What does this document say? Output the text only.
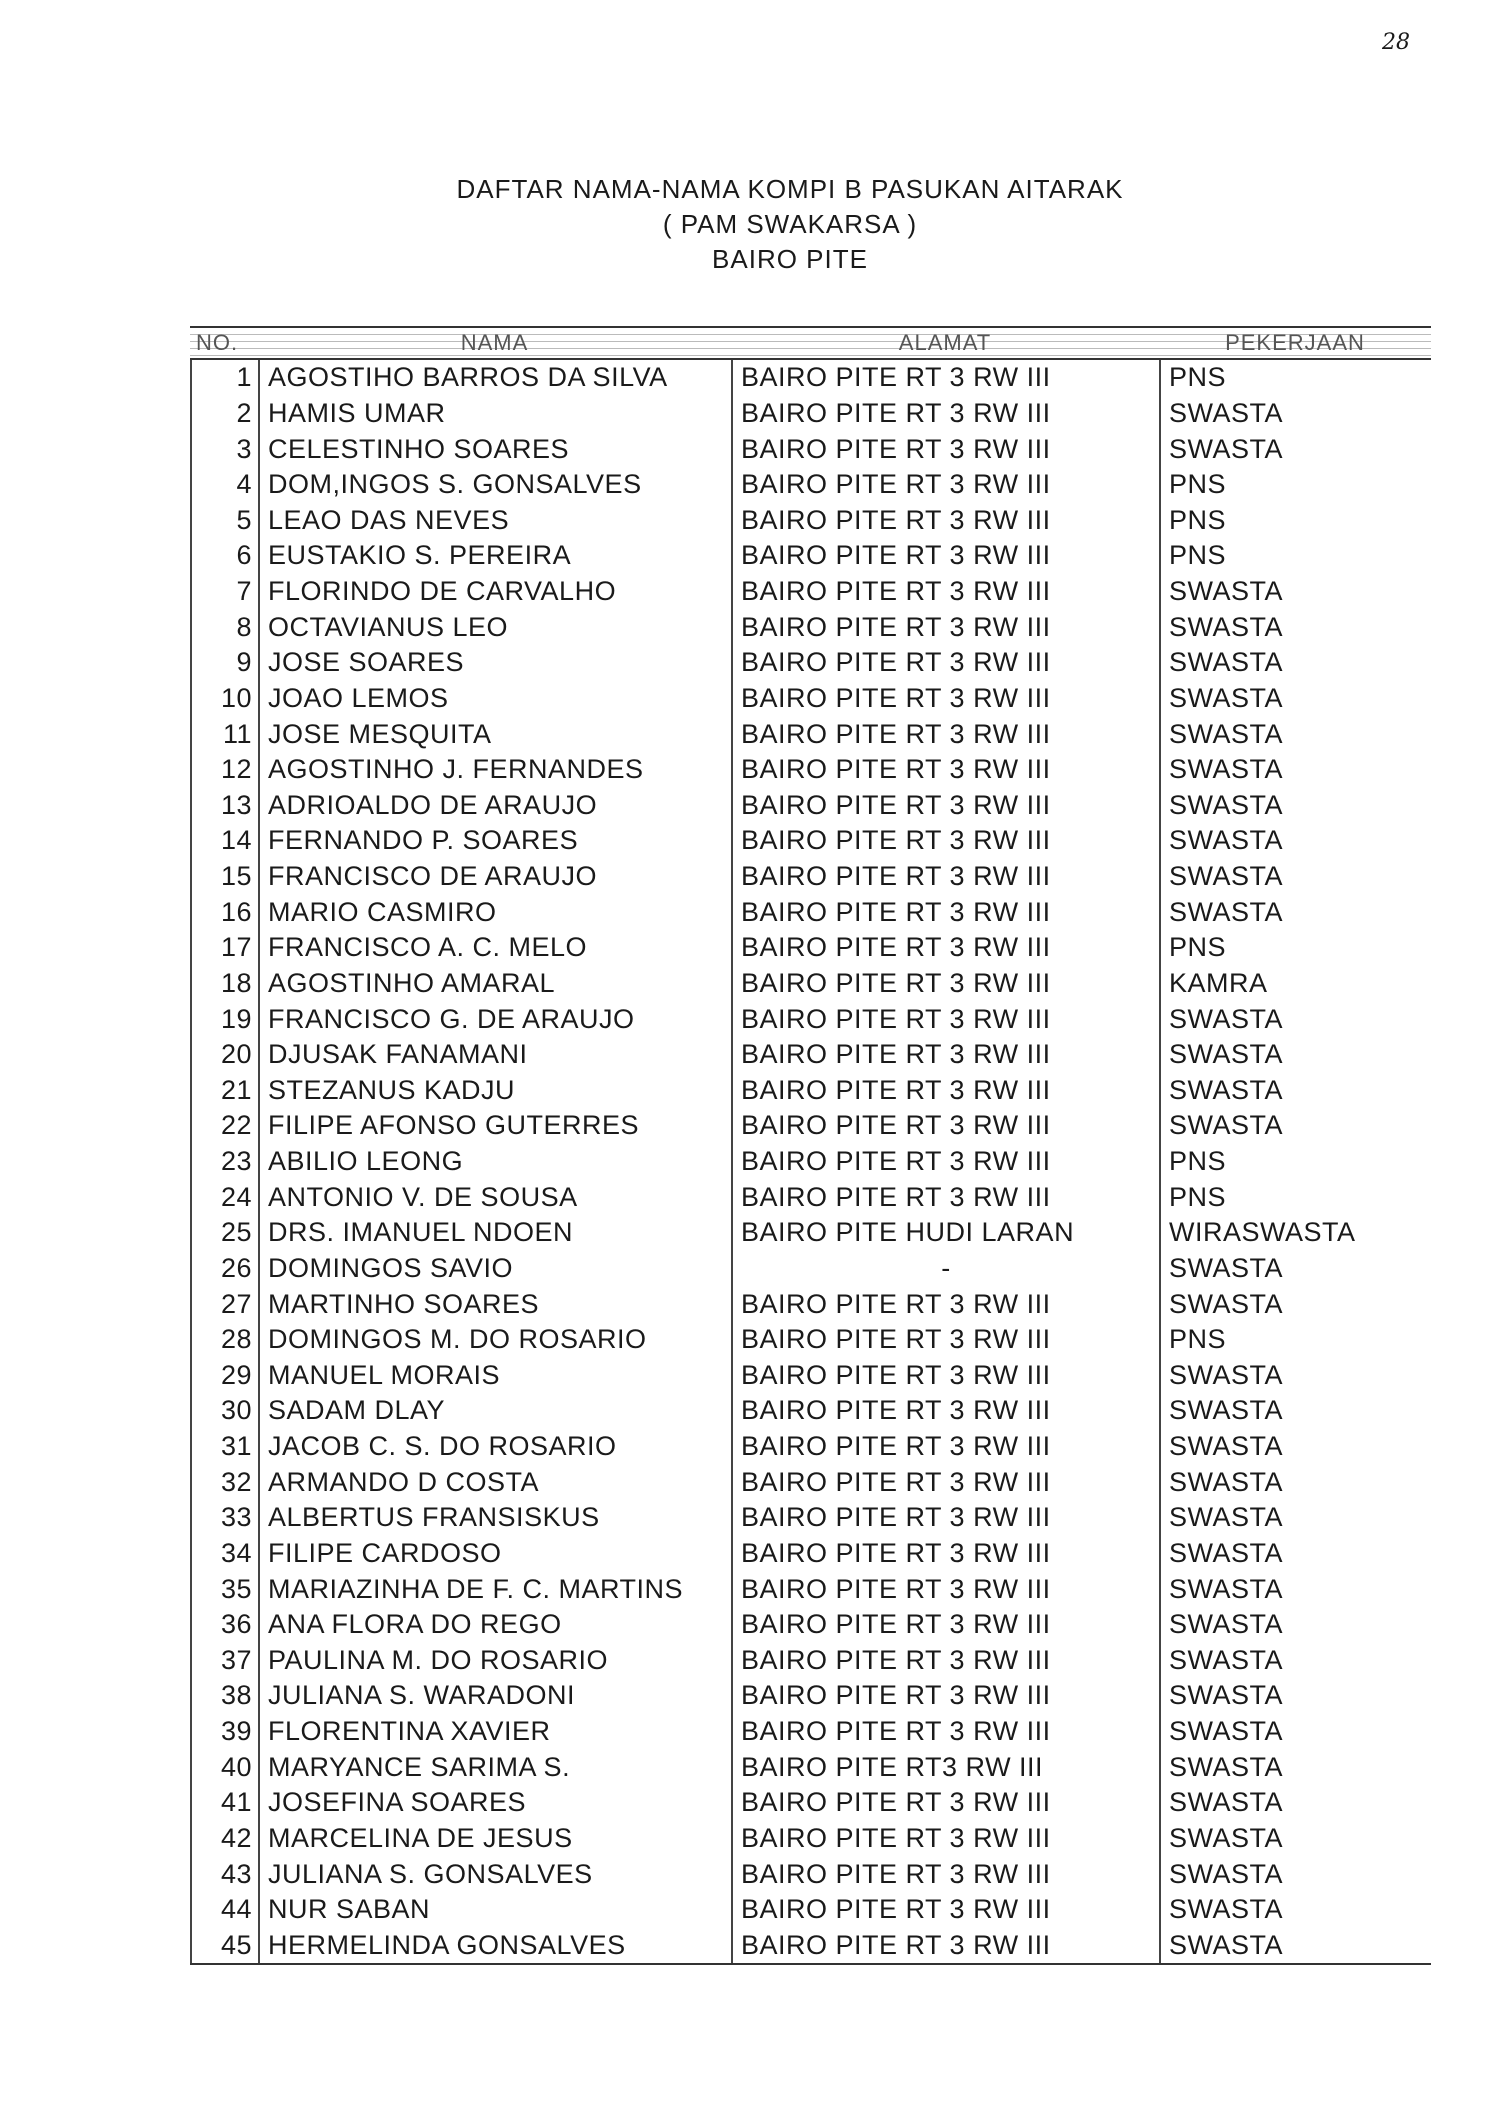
28
DAFTAR NAMA-NAMA KOMPI B PASUKAN AITARAK
( PAM SWAKARSA )
BAIRO PITE
NO.	NAMA	ALAMAT	PEKERJAAN
1 AGOSTIHO BARROS DA SILVA	BAIRO PITE RT 3 RW III	PNS
2 HAMIS UMAR	BAIRO PITE RT 3 RW III	SWASTA
3 CELESTINHO SOARES	BAIRO PITE RT 3 RW III	SWASTA
4 DOM,INGOS S. GONSALVES	BAIRO PITE RT 3 RW III	PNS
5 LEAO DAS NEVES	BAIRO PITE RT 3 RW III	PNS
6 EUSTAKIO S. PEREIRA	BAIRO PITE RT 3 RW III	PNS
7 FLORINDO DE CARVALHO	BAIRO PITE RT 3 RW III	SWASTA
8 OCTAVIANUS LEO	BAIRO PITE RT 3 RW III	SWASTA
9 JOSE SOARES	BAIRO PITE RT 3 RW III	SWASTA
10 JOAO LEMOS	BAIRO PITE RT 3 RW III	SWASTA
11 JOSE MESQUITA	BAIRO PITE RT 3 RW III	SWASTA
12 AGOSTINHO J. FERNANDES	BAIRO PITE RT 3 RW III	SWASTA
13 ADRIOALDO DE ARAUJO	BAIRO PITE RT 3 RW III	SWASTA
14 FERNANDO P. SOARES	BAIRO PITE RT 3 RW III	SWASTA
15 FRANCISCO DE ARAUJO	BAIRO PITE RT 3 RW III	SWASTA
16 MARIO CASMIRO	BAIRO PITE RT 3 RW III	SWASTA
17 FRANCISCO A. C. MELO	BAIRO PITE RT 3 RW III	PNS
18 AGOSTINHO AMARAL	BAIRO PITE RT 3 RW III	KAMRA
19 FRANCISCO G. DE ARAUJO	BAIRO PITE RT 3 RW III	SWASTA
20 DJUSAK FANAMANI	BAIRO PITE RT 3 RW III	SWASTA
21 STEZANUS KADJU	BAIRO PITE RT 3 RW III	SWASTA
22 FILIPE AFONSO GUTERRES	BAIRO PITE RT 3 RW III	SWASTA
23 ABILIO LEONG	BAIRO PITE RT 3 RW III	PNS
24 ANTONIO V. DE SOUSA	BAIRO PITE RT 3 RW III	PNS
25 DRS. IMANUEL NDOEN	BAIRO PITE HUDI LARAN	WIRASWASTA
26 DOMINGOS SAVIO	-	SWASTA
27 MARTINHO SOARES	BAIRO PITE RT 3 RW III	SWASTA
28 DOMINGOS M. DO ROSARIO	BAIRO PITE RT 3 RW III	PNS
29 MANUEL MORAIS	BAIRO PITE RT 3 RW III	SWASTA
30 SADAM DLAY	BAIRO PITE RT 3 RW III	SWASTA
31 JACOB C. S. DO ROSARIO	BAIRO PITE RT 3 RW III	SWASTA
32 ARMANDO D COSTA	BAIRO PITE RT 3 RW III	SWASTA
33 ALBERTUS FRANSISKUS	BAIRO PITE RT 3 RW III	SWASTA
34 FILIPE CARDOSO	BAIRO PITE RT 3 RW III	SWASTA
35 MARIAZINHA DE F. C. MARTINS	BAIRO PITE RT 3 RW III	SWASTA
36 ANA FLORA DO REGO	BAIRO PITE RT 3 RW III	SWASTA
37 PAULINA M. DO ROSARIO	BAIRO PITE RT 3 RW III	SWASTA
38 JULIANA S. WARADONI	BAIRO PITE RT 3 RW III	SWASTA
39 FLORENTINA XAVIER	BAIRO PITE RT 3 RW III	SWASTA
40 MARYANCE SARIMA S.	BAIRO PITE RT3 RW III	SWASTA
41 JOSEFINA SOARES	BAIRO PITE RT 3 RW III	SWASTA
42 MARCELINA DE JESUS	BAIRO PITE RT 3 RW III	SWASTA
43 JULIANA S. GONSALVES	BAIRO PITE RT 3 RW III	SWASTA
44 NUR SABAN	BAIRO PITE RT 3 RW III	SWASTA
45 HERMELINDA GONSALVES	BAIRO PITE RT 3 RW III	SWASTA
